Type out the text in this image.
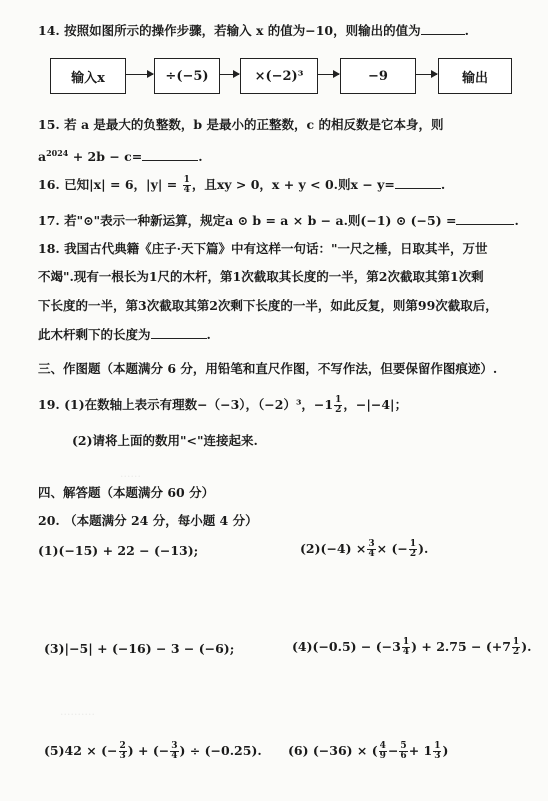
14. 按照如图所示的操作步骤，若输入 x 的值为−10，则输出的值为	.
输入x	÷(−5)	×(−2)³	−9	输出
15. 若 a 是最大的负整数，b 是最小的正整数，c 的相反数是它本身，则
$a^{2024} + 2b - c=$	.
16. 已知|x| = 6，$|y| = \frac{1}{4}$ ，且xy > 0，x + y < 0.则x − y=	.
17. 若"⊙"表示一种新运算，规定a ⊙ b = a × b − a.则(−1) ⊙ (−5) =	.
18. 我国古代典籍《庄子·天下篇》中有这样一句话："一尺之棰，日取其半，万世
不竭".现有一根长为1尺的木杆，第1次截取其长度的一半，第2次截取其第1次剩
下长度的一半，第3次截取其第2次剩下长度的一半，如此反复，则第99次截取后，
此木杆剩下的长度为	.
三、作图题（本题满分 6 分，用铅笔和直尺作图，不写作法，但要保留作图痕迹）.
19. (1)在数轴上表示有理数−（−3），（−2）³，$-1 \frac{1}{2}$ ，−|−4|；
(2)请将上面的数用"<"连接起来.
······
四、解答题（本题满分 60 分）
20. （本题满分 24 分，每小题 4 分）
(1)(−15) + 22 − (−13);	$(2)(-4) \times \frac{3}{4}$ × (− $\frac{1}{2}$ ).
(3)|−5| + (−16) − 3 − (−6);	$(4)(-0.5) - (-3 \frac{1}{4}$ ) + $2.75 - (+7 \frac{1}{2}$ ).
··········
(5)42 × (− $\frac{2}{3}$ ) + (− $\frac{3}{4}$ ) ÷ (−0.25).	(6) (−36) × ( $\frac{4}{9} - \frac{5}{6} + 1 \frac{1}{3}$ )
